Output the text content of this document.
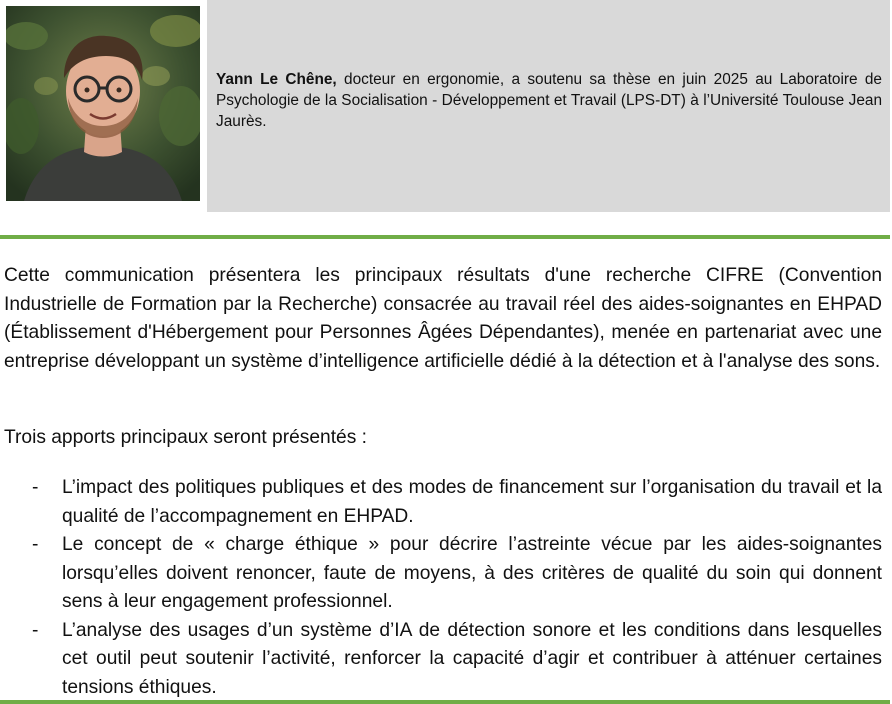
Yann Le Chêne, docteur en ergonomie, a soutenu sa thèse en juin 2025 au Laboratoire de Psychologie de la Socialisation - Développement et Travail (LPS-DT) à l’Université Toulouse Jean Jaurès.

Cette communication présentera les principaux résultats d'une recherche CIFRE (Convention Industrielle de Formation par la Recherche) consacrée au travail réel des aides-soignantes en EHPAD (Établissement d'Hébergement pour Personnes Âgées Dépendantes), menée en partenariat avec une entreprise développant un système d’intelligence artificielle dédié à la détection et à l'analyse des sons.

Trois apports principaux seront présentés :

- L’impact des politiques publiques et des modes de financement sur l’organisation du travail et la qualité de l’accompagnement en EHPAD.
- Le concept de « charge éthique » pour décrire l’astreinte vécue par les aides-soignantes lorsqu’elles doivent renoncer, faute de moyens, à des critères de qualité du soin qui donnent sens à leur engagement professionnel.
- L’analyse des usages d’un système d’IA de détection sonore et les conditions dans lesquelles cet outil peut soutenir l’activité, renforcer la capacité d’agir et contribuer à atténuer certaines tensions éthiques.
